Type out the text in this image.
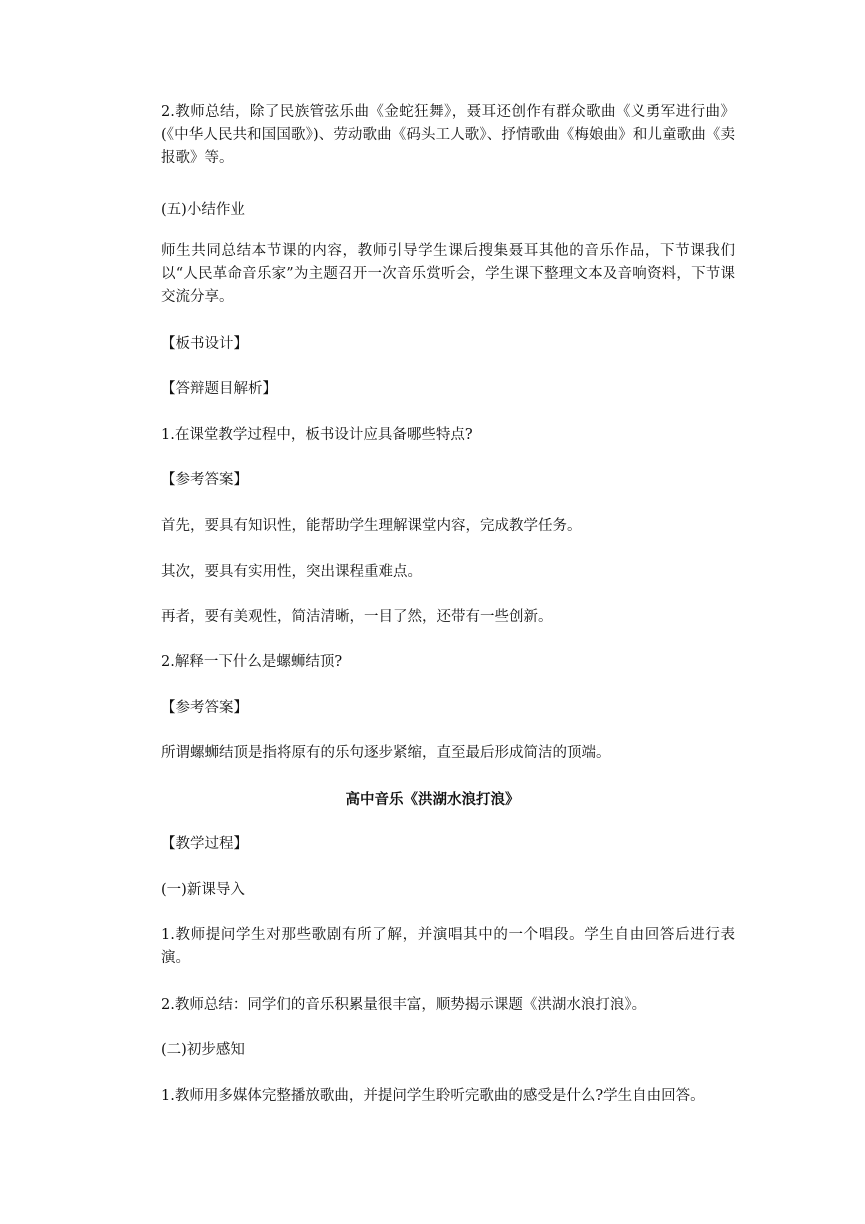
2.教师总结，除了民族管弦乐曲《金蛇狂舞》，聂耳还创作有群众歌曲《义勇军进行曲》(《中华人民共和国国歌》)、劳动歌曲《码头工人歌》、抒情歌曲《梅娘曲》和儿童歌曲《卖报歌》等。

(五)小结作业

师生共同总结本节课的内容，教师引导学生课后搜集聂耳其他的音乐作品，下节课我们以“人民革命音乐家”为主题召开一次音乐赏听会，学生课下整理文本及音响资料，下节课交流分享。

【板书设计】

【答辩题目解析】

1.在课堂教学过程中，板书设计应具备哪些特点?

【参考答案】

首先，要具有知识性，能帮助学生理解课堂内容，完成教学任务。

其次，要具有实用性，突出课程重难点。

再者，要有美观性，简洁清晰，一目了然，还带有一些创新。

2.解释一下什么是螺蛳结顶?

【参考答案】

所谓螺蛳结顶是指将原有的乐句逐步紧缩，直至最后形成简洁的顶端。

高中音乐《洪湖水浪打浪》

【教学过程】

(一)新课导入

1.教师提问学生对那些歌剧有所了解，并演唱其中的一个唱段。学生自由回答后进行表演。

2.教师总结：同学们的音乐积累量很丰富，顺势揭示课题《洪湖水浪打浪》。

(二)初步感知

1.教师用多媒体完整播放歌曲，并提问学生聆听完歌曲的感受是什么?学生自由回答。
